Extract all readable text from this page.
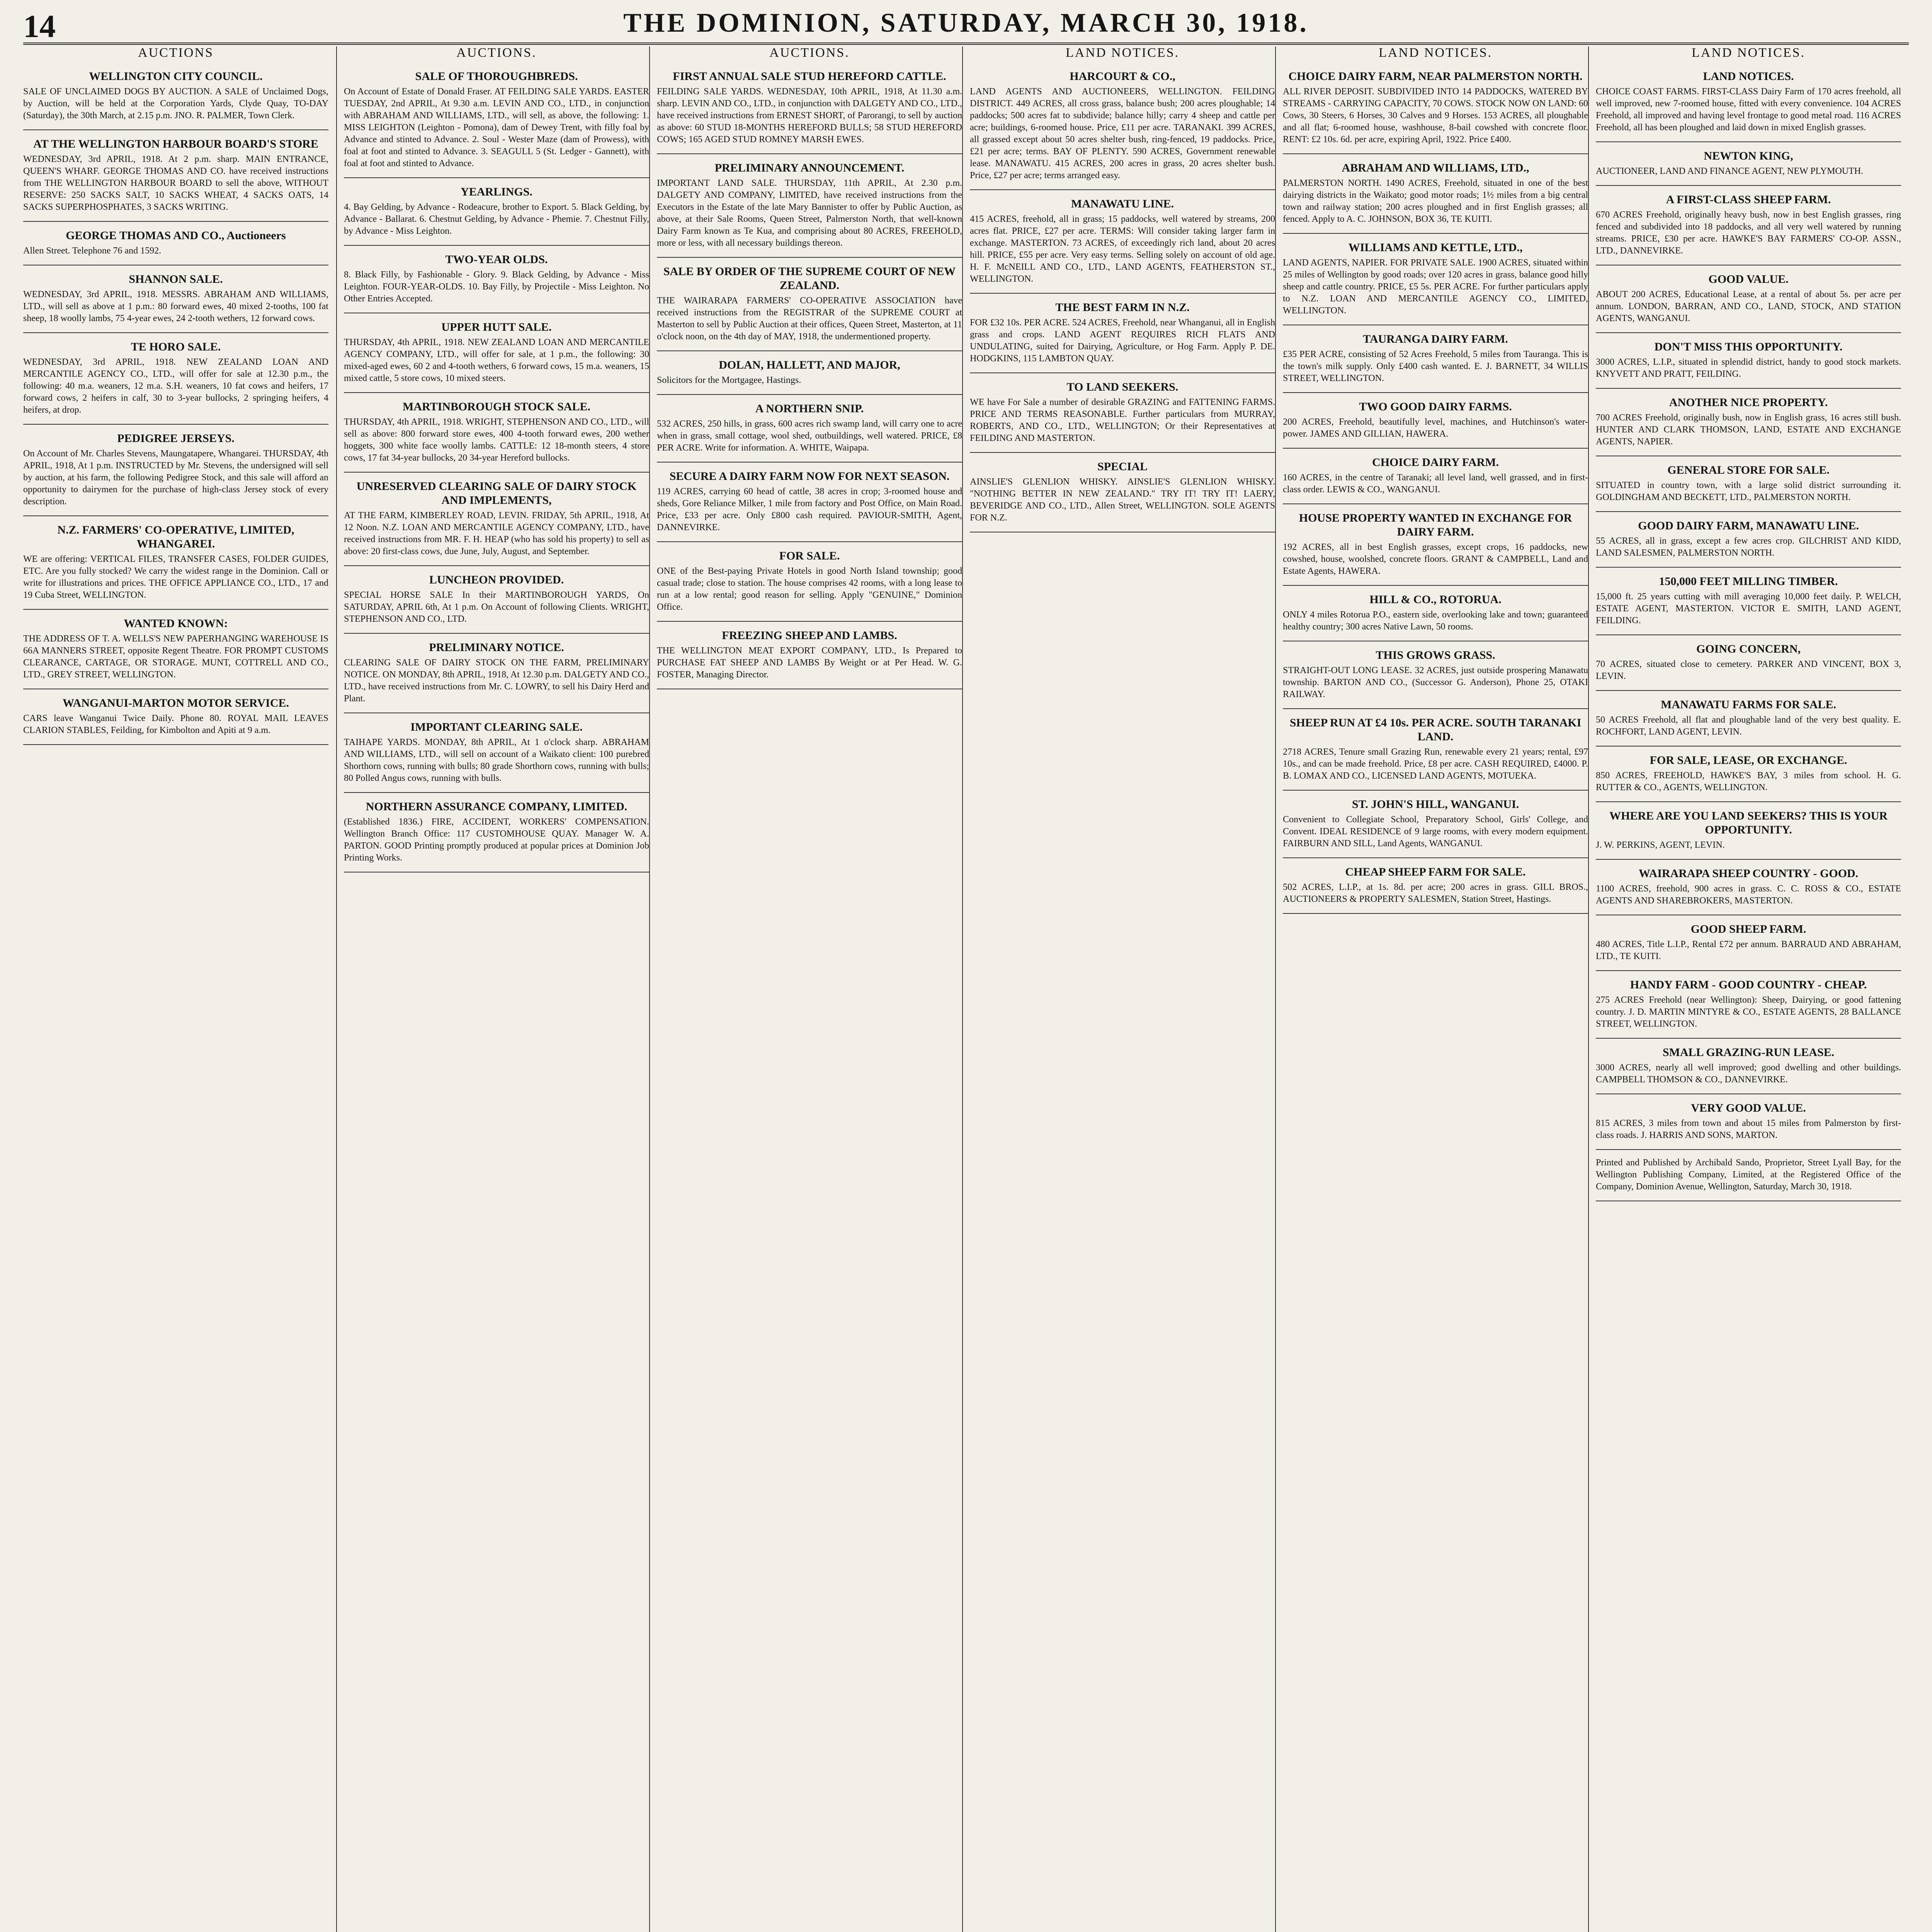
14	THE DOMINION, SATURDAY, MARCH 30, 1918.
AUCTIONS	AUCTIONS.	AUCTIONS.	LAND NOTICES.	LAND NOTICES.	LAND NOTICES.
WELLINGTON CITY COUNCIL.

SALE OF UNCLAIMED DOGS BY AUCTION. A SALE of Unclaimed Dogs, by Auction, will be held at the Corporation Yards, Clyde Quay, TO-DAY (Saturday), the 30th March, at 2.15 p.m. JNO. R. PALMER, Town Clerk.

AT THE WELLINGTON HARBOUR BOARD'S STORE

WEDNESDAY, 3rd APRIL, 1918. At 2 p.m. sharp. MAIN ENTRANCE, QUEEN'S WHARF. GEORGE THOMAS AND CO. have received instructions from THE WELLINGTON HARBOUR BOARD to sell the above, WITHOUT RESERVE: 250 SACKS SALT, 10 SACKS WHEAT, 4 SACKS OATS, 14 SACKS SUPERPHOSPHATES, 3 SACKS WRITING.

GEORGE THOMAS AND CO., Auctioneers

Allen Street. Telephone 76 and 1592.

SHANNON SALE.

WEDNESDAY, 3rd APRIL, 1918. MESSRS. ABRAHAM AND WILLIAMS, LTD., will sell as above at 1 p.m.: 80 forward ewes, 40 mixed 2-tooths, 100 fat sheep, 18 woolly lambs, 75 4-year ewes, 24 2-tooth wethers, 12 forward cows.

TE HORO SALE.

WEDNESDAY, 3rd APRIL, 1918. NEW ZEALAND LOAN AND MERCANTILE AGENCY CO., LTD., will offer for sale at 12.30 p.m., the following: 40 m.a. weaners, 12 m.a. S.H. weaners, 10 fat cows and heifers, 17 forward cows, 2 heifers in calf, 30 to 3-year bullocks, 2 springing heifers, 4 heifers, at drop.

PEDIGREE JERSEYS.

On Account of Mr. Charles Stevens, Maungatapere, Whangarei. THURSDAY, 4th APRIL, 1918, At 1 p.m. INSTRUCTED by Mr. Stevens, the undersigned will sell by auction, at his farm, the following Pedigree Stock, and this sale will afford an opportunity to dairymen for the purchase of high-class Jersey stock of every description.

N.Z. FARMERS' CO-OPERATIVE, LIMITED, WHANGAREI.

WE are offering: VERTICAL FILES, TRANSFER CASES, FOLDER GUIDES, ETC. Are you fully stocked? We carry the widest range in the Dominion. Call or write for illustrations and prices. THE OFFICE APPLIANCE CO., LTD., 17 and 19 Cuba Street, WELLINGTON.

WANTED KNOWN:

THE ADDRESS OF T. A. WELLS'S NEW PAPERHANGING WAREHOUSE IS 66A MANNERS STREET, opposite Regent Theatre. FOR PROMPT CUSTOMS CLEARANCE, CARTAGE, OR STORAGE. MUNT, COTTRELL AND CO., LTD., GREY STREET, WELLINGTON.

WANGANUI-MARTON MOTOR SERVICE.

CARS leave Wanganui Twice Daily. Phone 80. ROYAL MAIL LEAVES CLARION STABLES, Feilding, for Kimbolton and Apiti at 9 a.m.

SALE OF THOROUGHBREDS.

On Account of Estate of Donald Fraser. AT FEILDING SALE YARDS. EASTER TUESDAY, 2nd APRIL, At 9.30 a.m. LEVIN AND CO., LTD., in conjunction with ABRAHAM AND WILLIAMS, LTD., will sell, as above, the following: 1. MISS LEIGHTON (Leighton - Pomona), dam of Dewey Trent, with filly foal by Advance and stinted to Advance. 2. Soul - Wester Maze (dam of Prowess), with foal at foot and stinted to Advance. 3. SEAGULL 5 (St. Ledger - Gannett), with foal at foot and stinted to Advance.

YEARLINGS.

4. Bay Gelding, by Advance - Rodeacure, brother to Export. 5. Black Gelding, by Advance - Ballarat. 6. Chestnut Gelding, by Advance - Phemie. 7. Chestnut Filly, by Advance - Miss Leighton.

TWO-YEAR OLDS.

8. Black Filly, by Fashionable - Glory. 9. Black Gelding, by Advance - Miss Leighton. FOUR-YEAR-OLDS. 10. Bay Filly, by Projectile - Miss Leighton. No Other Entries Accepted.

UPPER HUTT SALE.

THURSDAY, 4th APRIL, 1918. NEW ZEALAND LOAN AND MERCANTILE AGENCY COMPANY, LTD., will offer for sale, at 1 p.m., the following: 30 mixed-aged ewes, 60 2 and 4-tooth wethers, 6 forward cows, 15 m.a. weaners, 15 mixed cattle, 5 store cows, 10 mixed steers.

MARTINBOROUGH STOCK SALE.

THURSDAY, 4th APRIL, 1918. WRIGHT, STEPHENSON AND CO., LTD., will sell as above: 800 forward store ewes, 400 4-tooth forward ewes, 200 wether hoggets, 300 white face woolly lambs. CATTLE: 12 18-month steers, 4 store cows, 17 fat 34-year bullocks, 20 34-year Hereford bullocks.

UNRESERVED CLEARING SALE OF DAIRY STOCK AND IMPLEMENTS,

AT THE FARM, KIMBERLEY ROAD, LEVIN. FRIDAY, 5th APRIL, 1918, At 12 Noon. N.Z. LOAN AND MERCANTILE AGENCY COMPANY, LTD., have received instructions from MR. F. H. HEAP (who has sold his property) to sell as above: 20 first-class cows, due June, July, August, and September.

LUNCHEON PROVIDED.

SPECIAL HORSE SALE In their MARTINBOROUGH YARDS, On SATURDAY, APRIL 6th, At 1 p.m. On Account of following Clients. WRIGHT, STEPHENSON AND CO., LTD.

PRELIMINARY NOTICE.

CLEARING SALE OF DAIRY STOCK ON THE FARM, PRELIMINARY NOTICE. ON MONDAY, 8th APRIL, 1918, At 12.30 p.m. DALGETY AND CO., LTD., have received instructions from Mr. C. LOWRY, to sell his Dairy Herd and Plant.

IMPORTANT CLEARING SALE.

TAIHAPE YARDS. MONDAY, 8th APRIL, At 1 o'clock sharp. ABRAHAM AND WILLIAMS, LTD., will sell on account of a Waikato client: 100 purebred Shorthorn cows, running with bulls; 80 grade Shorthorn cows, running with bulls; 80 Polled Angus cows, running with bulls.

NORTHERN ASSURANCE COMPANY, LIMITED.

(Established 1836.) FIRE, ACCIDENT, WORKERS' COMPENSATION. Wellington Branch Office: 117 CUSTOMHOUSE QUAY. Manager W. A. PARTON. GOOD Printing promptly produced at popular prices at Dominion Job Printing Works.

FIRST ANNUAL SALE STUD HEREFORD CATTLE.

FEILDING SALE YARDS. WEDNESDAY, 10th APRIL, 1918, At 11.30 a.m. sharp. LEVIN AND CO., LTD., in conjunction with DALGETY AND CO., LTD., have received instructions from ERNEST SHORT, of Parorangi, to sell by auction as above: 60 STUD 18-MONTHS HEREFORD BULLS; 58 STUD HEREFORD COWS; 165 AGED STUD ROMNEY MARSH EWES.

PRELIMINARY ANNOUNCEMENT.

IMPORTANT LAND SALE. THURSDAY, 11th APRIL, At 2.30 p.m. DALGETY AND COMPANY, LIMITED, have received instructions from the Executors in the Estate of the late Mary Bannister to offer by Public Auction, as above, at their Sale Rooms, Queen Street, Palmerston North, that well-known Dairy Farm known as Te Kua, and comprising about 80 ACRES, FREEHOLD, more or less, with all necessary buildings thereon.

SALE BY ORDER OF THE SUPREME COURT OF NEW ZEALAND.

THE WAIRARAPA FARMERS' CO-OPERATIVE ASSOCIATION have received instructions from the REGISTRAR of the SUPREME COURT at Masterton to sell by Public Auction at their offices, Queen Street, Masterton, at 11 o'clock noon, on the 4th day of MAY, 1918, the undermentioned property.

DOLAN, HALLETT, AND MAJOR,

Solicitors for the Mortgagee, Hastings.

A NORTHERN SNIP.

532 ACRES, 250 hills, in grass, 600 acres rich swamp land, will carry one to acre when in grass, small cottage, wool shed, outbuildings, well watered. PRICE, £8 PER ACRE. Write for information. A. WHITE, Waipapa.

SECURE A DAIRY FARM NOW FOR NEXT SEASON.

119 ACRES, carrying 60 head of cattle, 38 acres in crop; 3-roomed house and sheds, Gore Reliance Milker, 1 mile from factory and Post Office, on Main Road. Price, £33 per acre. Only £800 cash required. PAVIOUR-SMITH, Agent, DANNEVIRKE.

FOR SALE.

ONE of the Best-paying Private Hotels in good North Island township; good casual trade; close to station. The house comprises 42 rooms, with a long lease to run at a low rental; good reason for selling. Apply "GENUINE," Dominion Office.

FREEZING SHEEP AND LAMBS.

THE WELLINGTON MEAT EXPORT COMPANY, LTD., Is Prepared to PURCHASE FAT SHEEP AND LAMBS By Weight or at Per Head. W. G. FOSTER, Managing Director.

HARCOURT & CO.,

LAND AGENTS AND AUCTIONEERS, WELLINGTON. FEILDING DISTRICT. 449 ACRES, all cross grass, balance bush; 200 acres ploughable; 14 paddocks; 500 acres fat to subdivide; balance hilly; carry 4 sheep and cattle per acre; buildings, 6-roomed house. Price, £11 per acre. TARANAKI. 399 ACRES, all grassed except about 50 acres shelter bush, ring-fenced, 19 paddocks. Price, £21 per acre; terms. BAY OF PLENTY. 590 ACRES, Government renewable lease. MANAWATU. 415 ACRES, 200 acres in grass, 20 acres shelter bush. Price, £27 per acre; terms arranged easy.

MANAWATU LINE.

415 ACRES, freehold, all in grass; 15 paddocks, well watered by streams, 200 acres flat. PRICE, £27 per acre. TERMS: Will consider taking larger farm in exchange. MASTERTON. 73 ACRES, of exceedingly rich land, about 20 acres hill. PRICE, £55 per acre. Very easy terms. Selling solely on account of old age. H. F. McNEILL AND CO., LTD., LAND AGENTS, FEATHERSTON ST., WELLINGTON.

THE BEST FARM IN N.Z.

FOR £32 10s. PER ACRE. 524 ACRES, Freehold, near Whanganui, all in English grass and crops. LAND AGENT REQUIRES RICH FLATS AND UNDULATING, suited for Dairying, Agriculture, or Hog Farm. Apply P. DE. HODGKINS, 115 LAMBTON QUAY.

TO LAND SEEKERS.

WE have For Sale a number of desirable GRAZING and FATTENING FARMS. PRICE AND TERMS REASONABLE. Further particulars from MURRAY, ROBERTS, AND CO., LTD., WELLINGTON; Or their Representatives at FEILDING AND MASTERTON.

SPECIAL

AINSLIE'S GLENLION WHISKY. AINSLIE'S GLENLION WHISKY. "NOTHING BETTER IN NEW ZEALAND." TRY IT! TRY IT! LAERY, BEVERIDGE AND CO., LTD., Allen Street, WELLINGTON. SOLE AGENTS FOR N.Z.

CHOICE DAIRY FARM, NEAR PALMERSTON NORTH.

ALL RIVER DEPOSIT. SUBDIVIDED INTO 14 PADDOCKS, WATERED BY STREAMS - CARRYING CAPACITY, 70 COWS. STOCK NOW ON LAND: 60 Cows, 30 Steers, 6 Horses, 30 Calves and 9 Horses. 153 ACRES, all ploughable and all flat; 6-roomed house, washhouse, 8-bail cowshed with concrete floor. RENT: £2 10s. 6d. per acre, expiring April, 1922. Price £400.

ABRAHAM AND WILLIAMS, LTD.,

PALMERSTON NORTH. 1490 ACRES, Freehold, situated in one of the best dairying districts in the Waikato; good motor roads; 1½ miles from a big central town and railway station; 200 acres ploughed and in first English grasses; all fenced. Apply to A. C. JOHNSON, BOX 36, TE KUITI.

WILLIAMS AND KETTLE, LTD.,

LAND AGENTS, NAPIER. FOR PRIVATE SALE. 1900 ACRES, situated within 25 miles of Wellington by good roads; over 120 acres in grass, balance good hilly sheep and cattle country. PRICE, £5 5s. PER ACRE. For further particulars apply to N.Z. LOAN AND MERCANTILE AGENCY CO., LIMITED, WELLINGTON.

TAURANGA DAIRY FARM.

£35 PER ACRE, consisting of 52 Acres Freehold, 5 miles from Tauranga. This is the town's milk supply. Only £400 cash wanted. E. J. BARNETT, 34 WILLIS STREET, WELLINGTON.

TWO GOOD DAIRY FARMS.

200 ACRES, Freehold, beautifully level, machines, and Hutchinson's water-power. JAMES AND GILLIAN, HAWERA.

CHOICE DAIRY FARM.

160 ACRES, in the centre of Taranaki; all level land, well grassed, and in first-class order. LEWIS & CO., WANGANUI.

HOUSE PROPERTY WANTED IN EXCHANGE FOR DAIRY FARM.

192 ACRES, all in best English grasses, except crops, 16 paddocks, new cowshed, house, woolshed, concrete floors. GRANT & CAMPBELL, Land and Estate Agents, HAWERA.

HILL & CO., ROTORUA.

ONLY 4 miles Rotorua P.O., eastern side, overlooking lake and town; guaranteed healthy country; 300 acres Native Lawn, 50 rooms.

THIS GROWS GRASS.

STRAIGHT-OUT LONG LEASE. 32 ACRES, just outside prospering Manawatu township. BARTON AND CO., (Successor G. Anderson), Phone 25, OTAKI RAILWAY.

SHEEP RUN AT £4 10s. PER ACRE. SOUTH TARANAKI LAND.

2718 ACRES, Tenure small Grazing Run, renewable every 21 years; rental, £97 10s., and can be made freehold. Price, £8 per acre. CASH REQUIRED, £4000. P. B. LOMAX AND CO., LICENSED LAND AGENTS, MOTUEKA.

ST. JOHN'S HILL, WANGANUI.

Convenient to Collegiate School, Preparatory School, Girls' College, and Convent. IDEAL RESIDENCE of 9 large rooms, with every modern equipment. FAIRBURN AND SILL, Land Agents, WANGANUI.

CHEAP SHEEP FARM FOR SALE.

502 ACRES, L.I.P., at 1s. 8d. per acre; 200 acres in grass. GILL BROS., AUCTIONEERS & PROPERTY SALESMEN, Station Street, Hastings.

LAND NOTICES.

CHOICE COAST FARMS. FIRST-CLASS Dairy Farm of 170 acres freehold, all well improved, new 7-roomed house, fitted with every convenience. 104 ACRES Freehold, all improved and having level frontage to good metal road. 116 ACRES Freehold, all has been ploughed and laid down in mixed English grasses.

NEWTON KING,

AUCTIONEER, LAND AND FINANCE AGENT, NEW PLYMOUTH.

A FIRST-CLASS SHEEP FARM.

670 ACRES Freehold, originally heavy bush, now in best English grasses, ring fenced and subdivided into 18 paddocks, and all very well watered by running streams. PRICE, £30 per acre. HAWKE'S BAY FARMERS' CO-OP. ASSN., LTD., DANNEVIRKE.

GOOD VALUE.

ABOUT 200 ACRES, Educational Lease, at a rental of about 5s. per acre per annum. LONDON, BARRAN, AND CO., LAND, STOCK, AND STATION AGENTS, WANGANUI.

DON'T MISS THIS OPPORTUNITY.

3000 ACRES, L.I.P., situated in splendid district, handy to good stock markets. KNYVETT AND PRATT, FEILDING.

ANOTHER NICE PROPERTY.

700 ACRES Freehold, originally bush, now in English grass, 16 acres still bush. HUNTER AND CLARK THOMSON, LAND, ESTATE AND EXCHANGE AGENTS, NAPIER.

GENERAL STORE FOR SALE.

SITUATED in country town, with a large solid district surrounding it. GOLDINGHAM AND BECKETT, LTD., PALMERSTON NORTH.

GOOD DAIRY FARM, MANAWATU LINE.

55 ACRES, all in grass, except a few acres crop. GILCHRIST AND KIDD, LAND SALESMEN, PALMERSTON NORTH.

150,000 FEET MILLING TIMBER.

15,000 ft. 25 years cutting with mill averaging 10,000 feet daily. P. WELCH, ESTATE AGENT, MASTERTON. VICTOR E. SMITH, LAND AGENT, FEILDING.

GOING CONCERN,

70 ACRES, situated close to cemetery. PARKER AND VINCENT, BOX 3, LEVIN.

MANAWATU FARMS FOR SALE.

50 ACRES Freehold, all flat and ploughable land of the very best quality. E. ROCHFORT, LAND AGENT, LEVIN.

FOR SALE, LEASE, OR EXCHANGE.

850 ACRES, FREEHOLD, HAWKE'S BAY, 3 miles from school. H. G. RUTTER & CO., AGENTS, WELLINGTON.

WHERE ARE YOU LAND SEEKERS? THIS IS YOUR OPPORTUNITY.

J. W. PERKINS, AGENT, LEVIN.

WAIRARAPA SHEEP COUNTRY - GOOD.

1100 ACRES, freehold, 900 acres in grass. C. C. ROSS & CO., ESTATE AGENTS AND SHAREBROKERS, MASTERTON.

GOOD SHEEP FARM.

480 ACRES, Title L.I.P., Rental £72 per annum. BARRAUD AND ABRAHAM, LTD., TE KUITI.

HANDY FARM - GOOD COUNTRY - CHEAP.

275 ACRES Freehold (near Wellington): Sheep, Dairying, or good fattening country. J. D. MARTIN MINTYRE & CO., ESTATE AGENTS, 28 BALLANCE STREET, WELLINGTON.

SMALL GRAZING-RUN LEASE.

3000 ACRES, nearly all well improved; good dwelling and other buildings. CAMPBELL THOMSON & CO., DANNEVIRKE.

VERY GOOD VALUE.

815 ACRES, 3 miles from town and about 15 miles from Palmerston by first-class roads. J. HARRIS AND SONS, MARTON.

Printed and Published by Archibald Sando, Proprietor, Street Lyall Bay, for the Wellington Publishing Company, Limited, at the Registered Office of the Company, Dominion Avenue, Wellington, Saturday, March 30, 1918.
